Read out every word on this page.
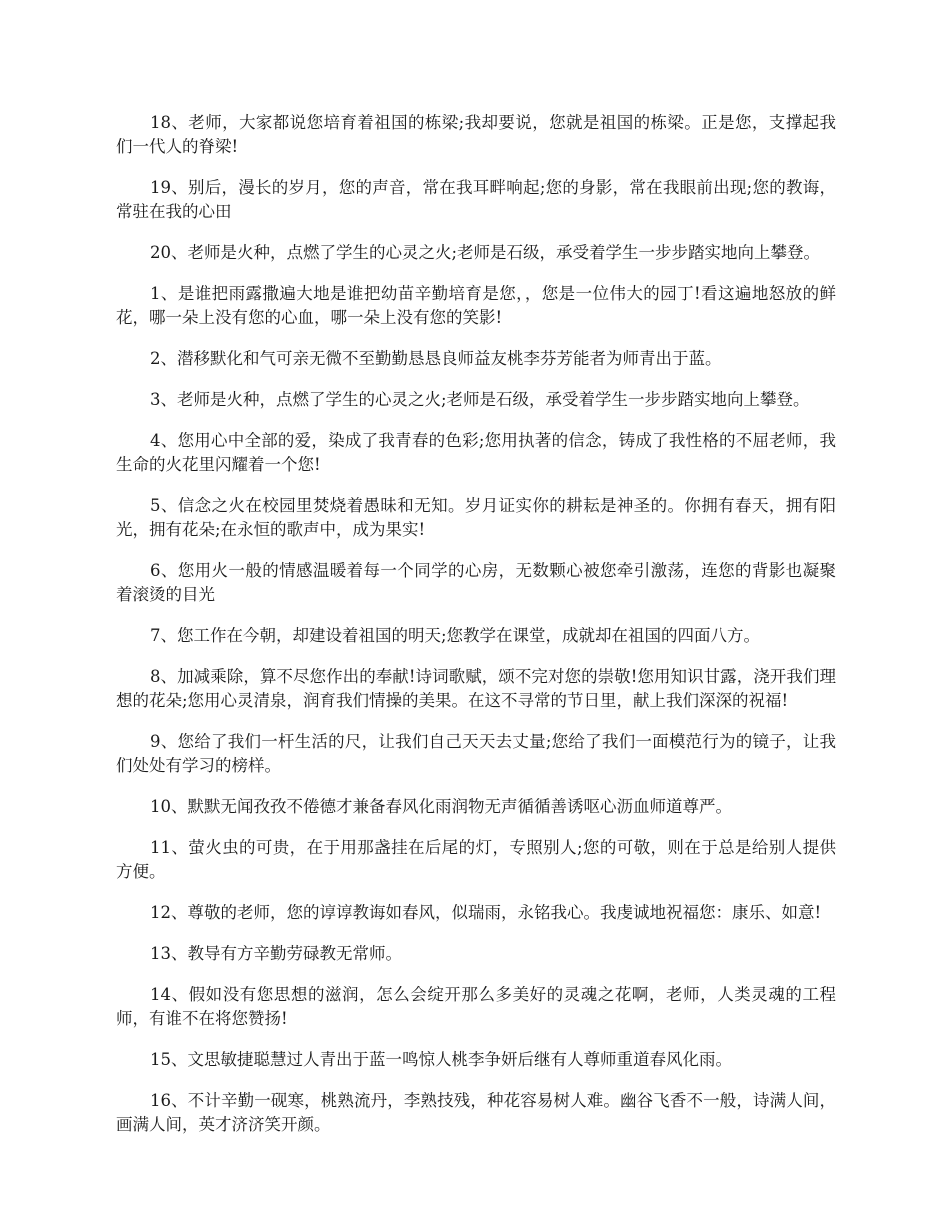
18、老师，大家都说您培育着祖国的栋梁;我却要说，您就是祖国的栋梁。正是您，支撑起我们一代人的脊梁!

19、别后，漫长的岁月，您的声音，常在我耳畔响起;您的身影，常在我眼前出现;您的教诲，常驻在我的心田

20、老师是火种，点燃了学生的心灵之火;老师是石级，承受着学生一步步踏实地向上攀登。

1、是谁把雨露撒遍大地是谁把幼苗辛勤培育是您，，您是一位伟大的园丁!看这遍地怒放的鲜花，哪一朵上没有您的心血，哪一朵上没有您的笑影!

2、潜移默化和气可亲无微不至勤勤恳恳良师益友桃李芬芳能者为师青出于蓝。

3、老师是火种，点燃了学生的心灵之火;老师是石级，承受着学生一步步踏实地向上攀登。

4、您用心中全部的爱，染成了我青春的色彩;您用执著的信念，铸成了我性格的不屈老师，我生命的火花里闪耀着一个您!

5、信念之火在校园里焚烧着愚昧和无知。岁月证实你的耕耘是神圣的。你拥有春天，拥有阳光，拥有花朵;在永恒的歌声中，成为果实!

6、您用火一般的情感温暖着每一个同学的心房，无数颗心被您牵引激荡，连您的背影也凝聚着滚烫的目光

7、您工作在今朝，却建设着祖国的明天;您教学在课堂，成就却在祖国的四面八方。

8、加减乘除，算不尽您作出的奉献!诗词歌赋，颂不完对您的崇敬!您用知识甘露，浇开我们理想的花朵;您用心灵清泉，润育我们情操的美果。在这不寻常的节日里，献上我们深深的祝福!

9、您给了我们一杆生活的尺，让我们自己天天去丈量;您给了我们一面模范行为的镜子，让我们处处有学习的榜样。

10、默默无闻孜孜不倦德才兼备春风化雨润物无声循循善诱呕心沥血师道尊严。

11、萤火虫的可贵，在于用那盏挂在后尾的灯，专照别人;您的可敬，则在于总是给别人提供方便。

12、尊敬的老师，您的谆谆教诲如春风，似瑞雨，永铭我心。我虔诚地祝福您：康乐、如意!

13、教导有方辛勤劳碌教无常师。

14、假如没有您思想的滋润，怎么会绽开那么多美好的灵魂之花啊，老师，人类灵魂的工程师，有谁不在将您赞扬!

15、文思敏捷聪慧过人青出于蓝一鸣惊人桃李争妍后继有人尊师重道春风化雨。

16、不计辛勤一砚寒，桃熟流丹，李熟技残，种花容易树人难。幽谷飞香不一般，诗满人间，画满人间，英才济济笑开颜。
